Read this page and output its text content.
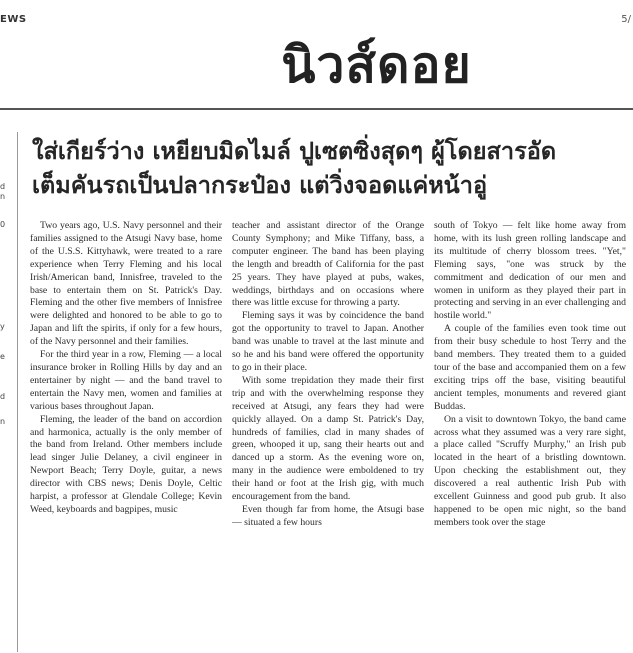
EWS	5/
นิวส์ดอย
d
n
0
y
e
d
n
ใส่เกียร์ว่าง เหยียบมิดไมล์ ปูเซตซิ่งสุดๆ ผู้โดยสารอัด
เต็มคันรถเป็นปลากระป๋อง แต่วิ่งจอดแค่หน้าอู่

Two years ago, U.S. Navy personnel and their families assigned to the Atsugi Navy base, home of the U.S.S. Kittyhawk, were treated to a rare experience when Terry Fleming and his local Irish/American band, Innisfree, traveled to the base to entertain them on St. Patrick's Day. Fleming and the other five members of Innisfree were delighted and honored to be able to go to Japan and lift the spirits, if only for a few hours, of the Navy personnel and their families.

For the third year in a row, Fleming — a local insurance broker in Rolling Hills by day and an entertainer by night — and the band travel to entertain the Navy men, women and families at various bases throughout Japan.

Fleming, the leader of the band on accordion and harmonica, actually is the only member of the band from Ireland. Other members include lead singer Julie Delaney, a civil engineer in Newport Beach; Terry Doyle, guitar, a news director with CBS news; Denis Doyle, Celtic harpist, a professor at Glendale College; Kevin Weed, keyboards and bagpipes, music

teacher and assistant director of the Orange County Symphony; and Mike Tiffany, bass, a computer engineer. The band has been playing the length and breadth of California for the past 25 years. They have played at pubs, wakes, weddings, birthdays and on occasions where there was little excuse for throwing a party.

Fleming says it was by coincidence the band got the opportunity to travel to Japan. Another band was unable to travel at the last minute and so he and his band were offered the opportunity to go in their place.

With some trepidation they made their first trip and with the overwhelming response they received at Atsugi, any fears they had were quickly allayed. On a damp St. Patrick's Day, hundreds of families, clad in many shades of green, whooped it up, sang their hearts out and danced up a storm. As the evening wore on, many in the audience were emboldened to try their hand or foot at the Irish gig, with much encouragement from the band.

Even though far from home, the Atsugi base — situated a few hours

south of Tokyo — felt like home away from home, with its lush green rolling landscape and its multitude of cherry blossom trees. "Yet," Fleming says, "one was struck by the commitment and dedication of our men and women in uniform as they played their part in protecting and serving in an ever challenging and hostile world."

A couple of the families even took time out from their busy schedule to host Terry and the band members. They treated them to a guided tour of the base and accompanied them on a few exciting trips off the base, visiting beautiful ancient temples, monuments and revered giant Buddas.

On a visit to downtown Tokyo, the band came across what they assumed was a very rare sight, a place called "Scruffy Murphy," an Irish pub located in the heart of a bristling downtown. Upon checking the establishment out, they discovered a real authentic Irish Pub with excellent Guinness and good pub grub. It also happened to be open mic night, so the band members took over the stage
